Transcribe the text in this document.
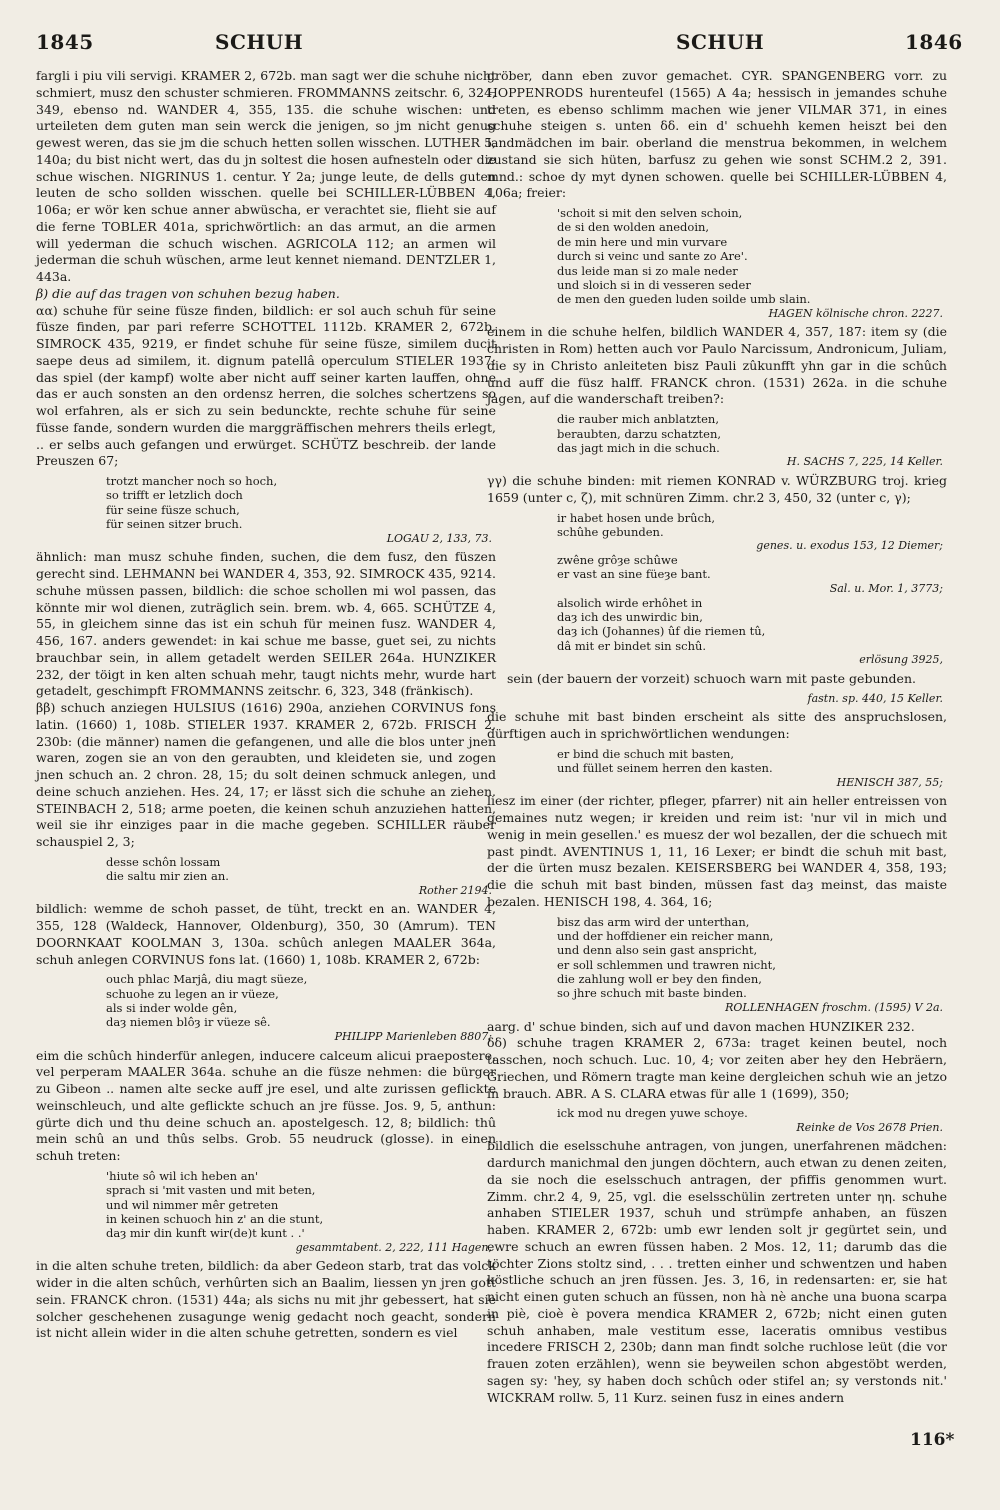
1845	SCHUH	SCHUH	1846

fargli i piu vili servigi. KRAMER 2, 672b. man sagt wer die schuhe nicht schmiert, musz den schuster schmieren. FROMMANNS zeitschr. 6, 324, 349, ebenso nd. WANDER 4, 355, 135. die schuhe wischen: und urteileten dem guten man sein werck die jenigen, so jm nicht genug gewest weren, das sie jm die schuch hetten sollen wisschen. LUTHER 5, 140a; du bist nicht wert, das du jn soltest die hosen aufnesteln oder die schue wischen. NIGRINUS 1. centur. Y 2a; junge leute, de dells guten leuten de scho sollden wisschen. quelle bei SCHILLER-LÜBBEN 4, 106a; er wör ken schue anner abwüscha, er verachtet sie, flieht sie auf die ferne TOBLER 401a, sprichwörtlich: an das armut, an die armen will yederman die schuch wischen. AGRICOLA 112; an armen wil jederman die schuh wüschen, arme leut kennet niemand. DENTZLER 1, 443a.

β) die auf das tragen von schuhen bezug haben.

αα) schuhe für seine füsze finden, bildlich: er sol auch schuh für seine füsze finden, par pari referre SCHOTTEL 1112b. KRAMER 2, 672b. SIMROCK 435, 9219, er findet schuhe für seine füsze, similem ducit saepe deus ad similem, it. dignum patellâ operculum STIELER 1937: das spiel (der kampf) wolte aber nicht auff seiner karten lauffen, ohne das er auch sonsten an den ordensz herren, die solches schertzens so wol erfahren, als er sich zu sein bedunckte, rechte schuhe für seine füsse fande, sondern wurden die marggräffischen mehrers theils erlegt, .. er selbs auch gefangen und erwürget. SCHÜTZ beschreib. der lande Preuszen 67;

trotzt mancher noch so hoch,
so trifft er letzlich doch
für seine füsze schuch,
für seinen sitzer bruch.
LOGAU 2, 133, 73.

ähnlich: man musz schuhe finden, suchen, die dem fusz, den füszen gerecht sind. LEHMANN bei WANDER 4, 353, 92. SIMROCK 435, 9214. schuhe müssen passen, bildlich: die schoe schollen mi wol passen, das könnte mir wol dienen, zuträglich sein. brem. wb. 4, 665. SCHÜTZE 4, 55, in gleichem sinne das ist ein schuh für meinen fusz. WANDER 4, 456, 167. anders gewendet: in kai schue me basse, guet sei, zu nichts brauchbar sein, in allem getadelt werden SEILER 264a. HUNZIKER 232, der töigt in ken alten schuah mehr, taugt nichts mehr, wurde hart getadelt, geschimpft FROMMANNS zeitschr. 6, 323, 348 (fränkisch).

ββ) schuch anziegen HULSIUS (1616) 290a, anziehen CORVINUS fons latin. (1660) 1, 108b. STIELER 1937. KRAMER 2, 672b. FRISCH 2, 230b: (die männer) namen die gefangenen, und alle die blos unter jnen waren, zogen sie an von den geraubten, und kleideten sie, und zogen jnen schuch an. 2 chron. 28, 15; du solt deinen schmuck anlegen, und deine schuch anziehen. Hes. 24, 17; er lässt sich die schuhe an ziehen. STEINBACH 2, 518; arme poeten, die keinen schuh anzuziehen hatten, weil sie ihr einziges paar in die mache gegeben. SCHILLER räuber schauspiel 2, 3;

desse schôn lossam
die saltu mir zien an.
Rother 2194.

bildlich: wemme de schoh passet, de tüht, treckt en an. WANDER 4, 355, 128 (Waldeck, Hannover, Oldenburg), 350, 30 (Amrum). TEN DOORNKAAT KOOLMAN 3, 130a. schûch anlegen MAALER 364a, schuh anlegen CORVINUS fons lat. (1660) 1, 108b. KRAMER 2, 672b:

ouch phlac Marjâ, diu magt süeze,
schuohe zu legen an ir vüeze,
als si inder wolde gên,
daȝ niemen blôȝ ir vüeze sê.
PHILIPP Marienleben 8807;

eim die schûch hinderfür anlegen, inducere calceum alicui praepostere, vel perperam MAALER 364a. schuhe an die füsze nehmen: die bürger zu Gibeon .. namen alte secke auff jre esel, und alte zurissen geflickte weinschleuch, und alte geflickte schuch an jre füsse. Jos. 9, 5, anthun: gürte dich und thu deine schuch an. apostelgesch. 12, 8; bildlich: thû mein schû an und thûs selbs. Grob. 55 neudruck (glosse). in einen schuh treten:

'hiute sô wil ich heben an'
sprach si 'mit vasten und mit beten,
und wil nimmer mêr getreten
in keinen schuoch hin z' an die stunt,
daȝ mir din kunft wir(de)t kunt . .'
gesammtabent. 2, 222, 111 Hagen,

in die alten schuhe treten, bildlich: da aber Gedeon starb, trat das volck wider in die alten schûch, verhûrten sich an Baalim, liessen yn jren gott sein. FRANCK chron. (1531) 44a; als sichs nu mit jhr gebessert, hat sie solcher geschehenen zusagunge wenig gedacht noch geacht, sondern ist nicht allein wider in die alten schuhe getretten, sondern es viel

gröber, dann eben zuvor gemachet. CYR. SPANGENBERG vorr. zu HOPPENRODS hurenteufel (1565) A 4a; hessisch in jemandes schuhe treten, es ebenso schlimm machen wie jener VILMAR 371, in eines schuhe steigen s. unten δδ. ein d' schuehh kemen heiszt bei den landmädchen im bair. oberland die menstrua bekommen, in welchem zustand sie sich hüten, barfusz zu gehen wie sonst SCHM.2 2, 391. mnd.: schoe dy myt dynen schowen. quelle bei SCHILLER-LÜBBEN 4, 106a; freier:

'schoit si mit den selven schoin,
de si den wolden anedoin,
de min here und min vurvare
durch si veinc und sante zo Are'.
dus leide man si zo male neder
und sloich si in di vesseren seder
de men den gueden luden soilde umb slain.
HAGEN kölnische chron. 2227.

einem in die schuhe helfen, bildlich WANDER 4, 357, 187: item sy (die christen in Rom) hetten auch vor Paulo Narcissum, Andronicum, Juliam, die sy in Christo anleiteten bisz Pauli zûkunfft yhn gar in die schûch und auff die füsz halff. FRANCK chron. (1531) 262a. in die schuhe jagen, auf die wanderschaft treiben?:

die rauber mich anblatzten,
beraubten, darzu schatzten,
das jagt mich in die schuch.
H. SACHS 7, 225, 14 Keller.

γγ) die schuhe binden: mit riemen KONRAD v. WÜRZBURG troj. krieg 1659 (unter c, ζ), mit schnüren Zimm. chr.2 3, 450, 32 (unter c, γ);

ir habet hosen unde brûch,
schûhe gebunden.
genes. u. exodus 153, 12 Diemer;
zwêne grôȝe schûwe
er vast an sine füeȝe bant.
Sal. u. Mor. 1, 3773;
alsolich wirde erhôhet in
daȝ ich des unwirdic bin,
daȝ ich (Johannes) ûf die riemen tû,
dâ mit er bindet sin schû.
erlösung 3925,

sein (der bauern der vorzeit) schuoch warn mit paste gebunden.

fastn. sp. 440, 15 Keller.

die schuhe mit bast binden erscheint als sitte des anspruchslosen, dürftigen auch in sprichwörtlichen wendungen:

er bind die schuch mit basten,
und füllet seinem herren den kasten.
HENISCH 387, 55;

liesz im einer (der richter, pfleger, pfarrer) nit ain heller entreissen von gemaines nutz wegen; ir kreiden und reim ist: 'nur vil in mich und wenig in mein gesellen.' es muesz der wol bezallen, der die schuech mit past pindt. AVENTINUS 1, 11, 16 Lexer; er bindt die schuh mit bast, der die ürten musz bezalen. KEISERSBERG bei WANDER 4, 358, 193; die die schuh mit bast binden, müssen fast daȝ meinst, das maiste bezalen. HENISCH 198, 4. 364, 16;

bisz das arm wird der unterthan,
und der hoffdiener ein reicher mann,
und denn also sein gast anspricht,
er soll schlemmen und trawren nicht,
die zahlung woll er bey den finden,
so jhre schuch mit baste binden.
ROLLENHAGEN froschm. (1595) V 2a.

aarg. d' schue binden, sich auf und davon machen HUNZIKER 232.

δδ) schuhe tragen KRAMER 2, 673a: traget keinen beutel, noch tasschen, noch schuch. Luc. 10, 4; vor zeiten aber hey den Hebräern, Griechen, und Römern tragte man keine dergleichen schuh wie an jetzo in brauch. ABR. A S. CLARA etwas für alle 1 (1699), 350;

ick mod nu dregen yuwe schoye.
Reinke de Vos 2678 Prien.

bildlich die eselsschuhe antragen, von jungen, unerfahrenen mädchen: dardurch manichmal den jungen döchtern, auch etwan zu denen zeiten, da sie noch die eselsschuch antragen, der pfiffis genommen wurt. Zimm. chr.2 4, 9, 25, vgl. die eselsschülin zertreten unter ηη. schuhe anhaben STIELER 1937, schuh und strümpfe anhaben, an füszen haben. KRAMER 2, 672b: umb ewr lenden solt jr gegürtet sein, und ewre schuch an ewren füssen haben. 2 Mos. 12, 11; darumb das die töchter Zions stoltz sind, . . . tretten einher und schwentzen und haben köstliche schuch an jren füssen. Jes. 3, 16, in redensarten: er, sie hat nicht einen guten schuch an füssen, non hà nè anche una buona scarpa in piè, cioè è povera mendica KRAMER 2, 672b; nicht einen guten schuh anhaben, male vestitum esse, laceratis omnibus vestibus incedere FRISCH 2, 230b; dann man findt solche ruchlose leüt (die vor frauen zoten erzählen), wenn sie beyweilen schon abgestöbt werden, sagen sy: 'hey, sy haben doch schûch oder stifel an; sy verstonds nit.' WICKRAM rollw. 5, 11 Kurz. seinen fusz in eines andern

116*
